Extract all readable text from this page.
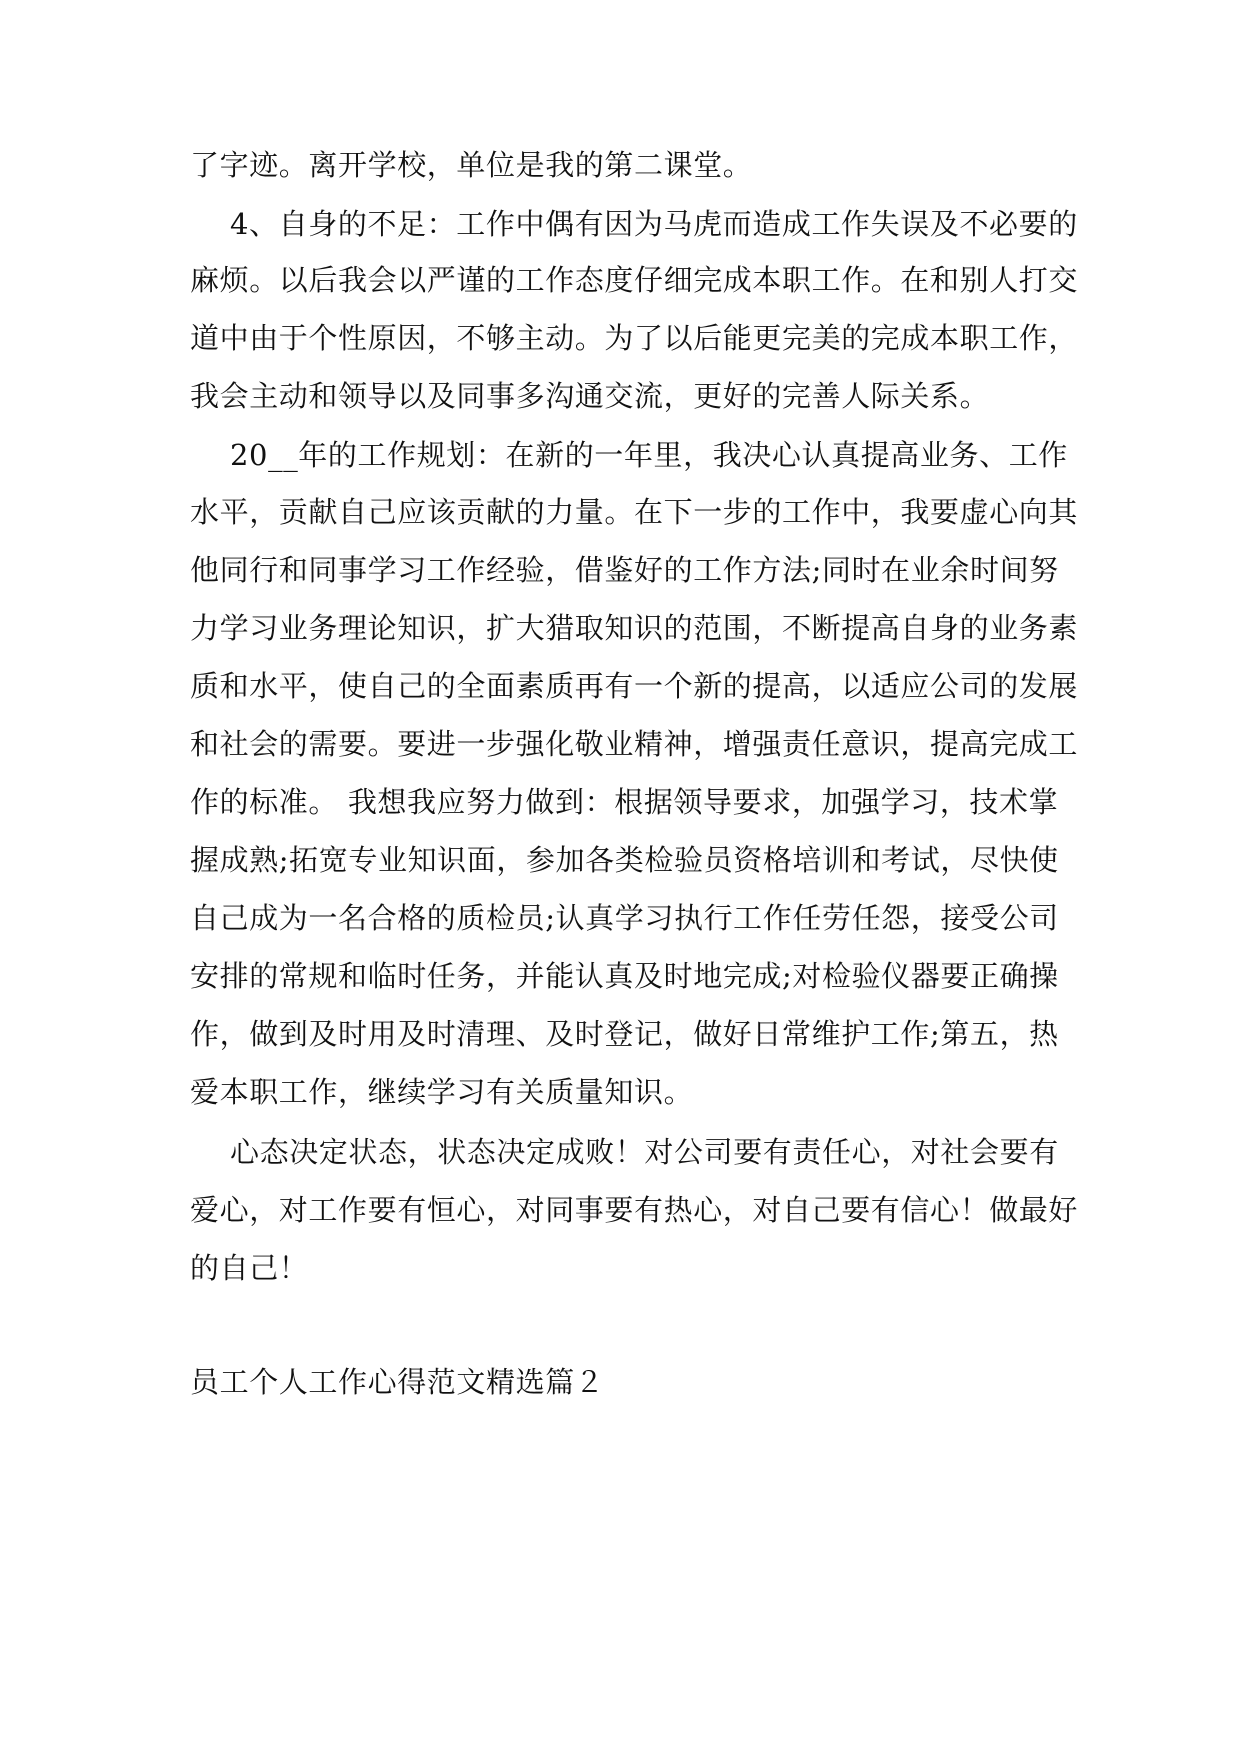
了字迹。离开学校，单位是我的第二课堂。

4、自身的不足：工作中偶有因为马虎而造成工作失误及不必要的

麻烦。以后我会以严谨的工作态度仔细完成本职工作。在和别人打交

道中由于个性原因，不够主动。为了以后能更完美的完成本职工作，

我会主动和领导以及同事多沟通交流，更好的完善人际关系。

20__年的工作规划：在新的一年里，我决心认真提高业务、工作

水平，贡献自己应该贡献的力量。在下一步的工作中，我要虚心向其

他同行和同事学习工作经验，借鉴好的工作方法;同时在业余时间努

力学习业务理论知识，扩大猎取知识的范围，不断提高自身的业务素

质和水平，使自己的全面素质再有一个新的提高，以适应公司的发展

和社会的需要。要进一步强化敬业精神，增强责任意识，提高完成工

作的标准。 我想我应努力做到：根据领导要求，加强学习，技术掌

握成熟;拓宽专业知识面，参加各类检验员资格培训和考试，尽快使

自己成为一名合格的质检员;认真学习执行工作任劳任怨，接受公司

安排的常规和临时任务，并能认真及时地完成;对检验仪器要正确操

作，做到及时用及时清理、及时登记，做好日常维护工作;第五，热

爱本职工作，继续学习有关质量知识。

心态决定状态，状态决定成败！对公司要有责任心，对社会要有

爱心，对工作要有恒心，对同事要有热心，对自己要有信心！做最好

的自己！

员工个人工作心得范文精选篇２
